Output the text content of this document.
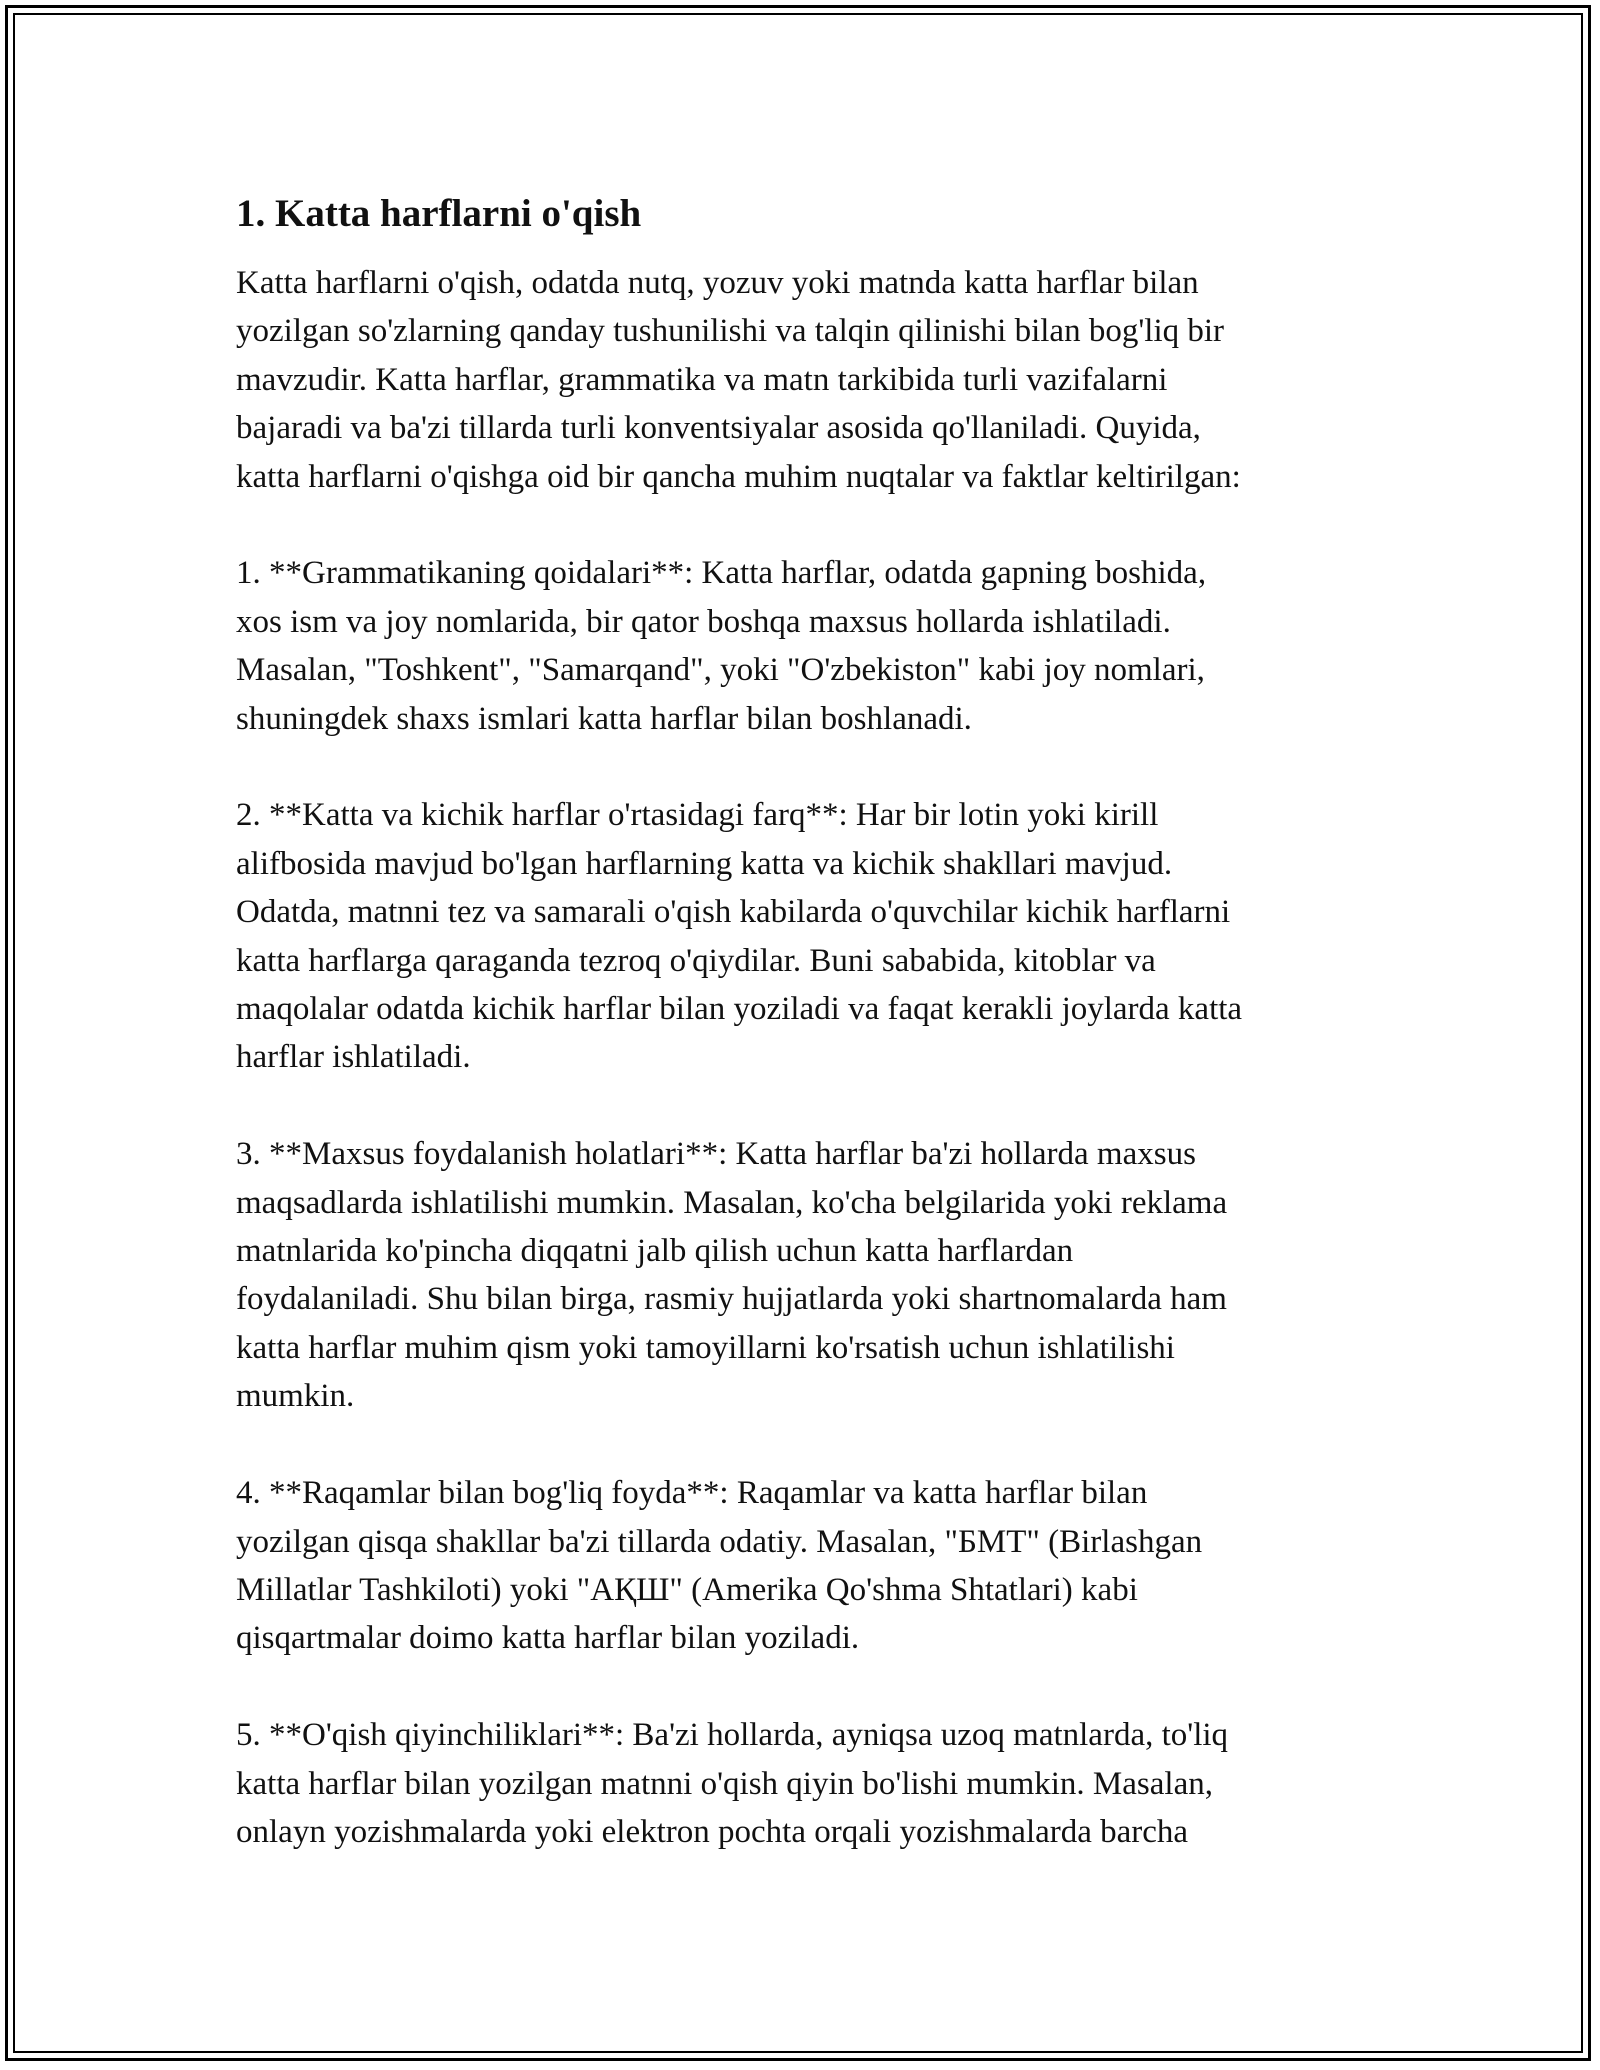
1. Katta harflarni o'qish

Katta harflarni o'qish, odatda nutq, yozuv yoki matnda katta harflar bilan
yozilgan so'zlarning qanday tushunilishi va talqin qilinishi bilan bog'liq bir
mavzudir. Katta harflar, grammatika va matn tarkibida turli vazifalarni
bajaradi va ba'zi tillarda turli konventsiyalar asosida qo'llaniladi. Quyida,
katta harflarni o'qishga oid bir qancha muhim nuqtalar va faktlar keltirilgan:

1. **Grammatikaning qoidalari**: Katta harflar, odatda gapning boshida,
xos ism va joy nomlarida, bir qator boshqa maxsus hollarda ishlatiladi.
Masalan, "Toshkent", "Samarqand", yoki "O'zbekiston" kabi joy nomlari,
shuningdek shaxs ismlari katta harflar bilan boshlanadi.

2. **Katta va kichik harflar o'rtasidagi farq**: Har bir lotin yoki kirill
alifbosida mavjud bo'lgan harflarning katta va kichik shakllari mavjud.
Odatda, matnni tez va samarali o'qish kabilarda o'quvchilar kichik harflarni
katta harflarga qaraganda tezroq o'qiydilar. Buni sababida, kitoblar va
maqolalar odatda kichik harflar bilan yoziladi va faqat kerakli joylarda katta
harflar ishlatiladi.

3. **Maxsus foydalanish holatlari**: Katta harflar ba'zi hollarda maxsus
maqsadlarda ishlatilishi mumkin. Masalan, ko'cha belgilarida yoki reklama
matnlarida ko'pincha diqqatni jalb qilish uchun katta harflardan
foydalaniladi. Shu bilan birga, rasmiy hujjatlarda yoki shartnomalarda ham
katta harflar muhim qism yoki tamoyillarni ko'rsatish uchun ishlatilishi
mumkin.

4. **Raqamlar bilan bog'liq foyda**: Raqamlar va katta harflar bilan
yozilgan qisqa shakllar ba'zi tillarda odatiy. Masalan, "БМТ" (Birlashgan
Millatlar Tashkiloti) yoki "АҚШ" (Amerika Qo'shma Shtatlari) kabi
qisqartmalar doimo katta harflar bilan yoziladi.

5. **O'qish qiyinchiliklari**: Ba'zi hollarda, ayniqsa uzoq matnlarda, to'liq
katta harflar bilan yozilgan matnni o'qish qiyin bo'lishi mumkin. Masalan,
onlayn yozishmalarda yoki elektron pochta orqali yozishmalarda barcha
